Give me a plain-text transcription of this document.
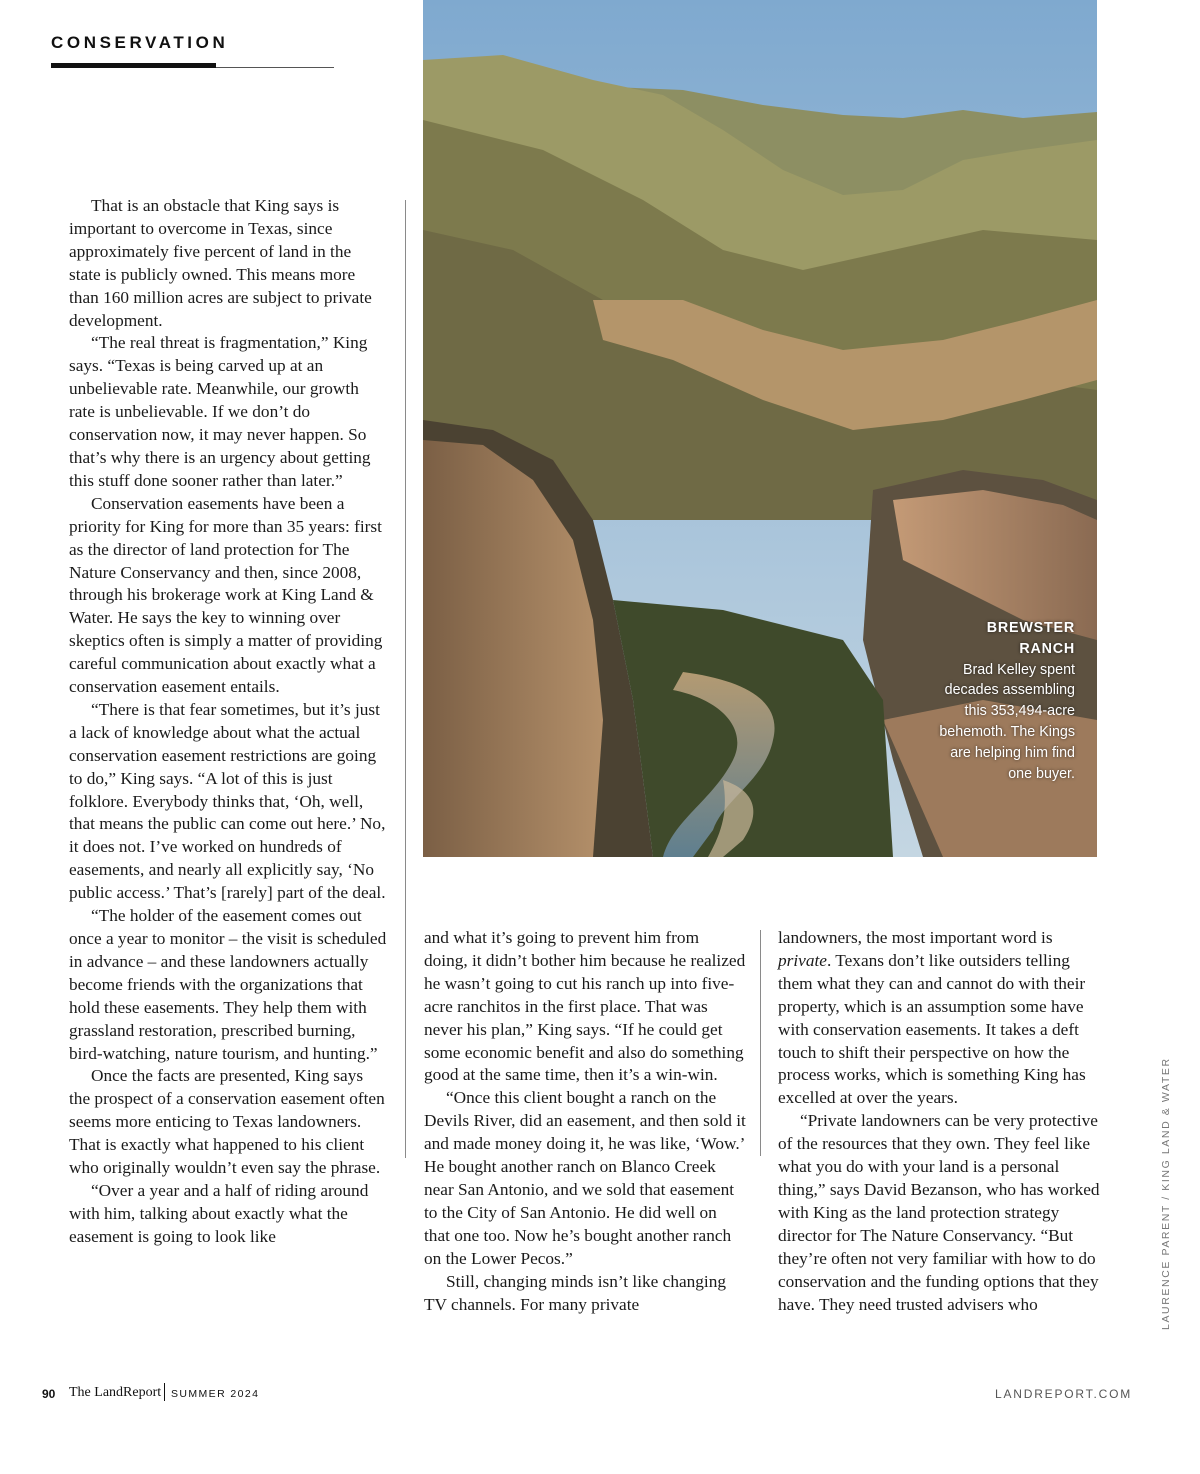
CONSERVATION

That is an obstacle that King says is important to overcome in Texas, since approximately five percent of land in the state is publicly owned. This means more than 160 million acres are subject to private development.

“The real threat is fragmentation,” King says. “Texas is being carved up at an unbelievable rate. Meanwhile, our growth rate is unbelievable. If we don’t do conservation now, it may never happen. So that’s why there is an urgency about getting this stuff done sooner rather than later.”

Conservation easements have been a priority for King for more than 35 years: first as the director of land protection for The Nature Conservancy and then, since 2008, through his brokerage work at King Land & Water. He says the key to winning over skeptics often is simply a matter of providing careful communication about exactly what a conservation easement entails.

“There is that fear sometimes, but it’s just a lack of knowledge about what the actual conservation easement restrictions are going to do,” King says. “A lot of this is just folklore. Everybody thinks that, ‘Oh, well, that means the public can come out here.’ No, it does not. I’ve worked on hundreds of easements, and nearly all explicitly say, ‘No public access.’ That’s [rarely] part of the deal.

“The holder of the easement comes out once a year to monitor – the visit is scheduled in advance – and these landowners actually become friends with the organizations that hold these easements. They help them with grassland restoration, prescribed burning, bird-watching, nature tourism, and hunting.”

Once the facts are presented, King says the prospect of a conservation easement often seems more enticing to Texas landowners. That is exactly what happened to his client who originally wouldn’t even say the phrase.

“Over a year and a half of riding around with him, talking about exactly what the easement is going to look like

BREWSTER
RANCH
Brad Kelley spent decades assembling this 353,494-acre behemoth. The Kings are helping him find one buyer.

and what it’s going to prevent him from doing, it didn’t bother him because he realized he wasn’t going to cut his ranch up into five-acre ranchitos in the first place. That was never his plan,” King says. “If he could get some economic benefit and also do something good at the same time, then it’s a win-win.

“Once this client bought a ranch on the Devils River, did an easement, and then sold it and made money doing it, he was like, ‘Wow.’ He bought another ranch on Blanco Creek near San Antonio, and we sold that easement to the City of San Antonio. He did well on that one too. Now he’s bought another ranch on the Lower Pecos.”

Still, changing minds isn’t like changing TV channels. For many private

landowners, the most important word is private. Texans don’t like outsiders telling them what they can and cannot do with their property, which is an assumption some have with conservation easements. It takes a deft touch to shift their perspective on how the process works, which is something King has excelled at over the years.

“Private landowners can be very protective of the resources that they own. They feel like what you do with your land is a personal thing,” says David Bezanson, who has worked with King as the land protection strategy director for The Nature Conservancy. “But they’re often not very familiar with how to do conservation and the funding options that they have. They need trusted advisers who	LAURENCE PARENT / KING LAND & WATER
90 The LandReport SUMMER 2024	LANDREPORT.COM
